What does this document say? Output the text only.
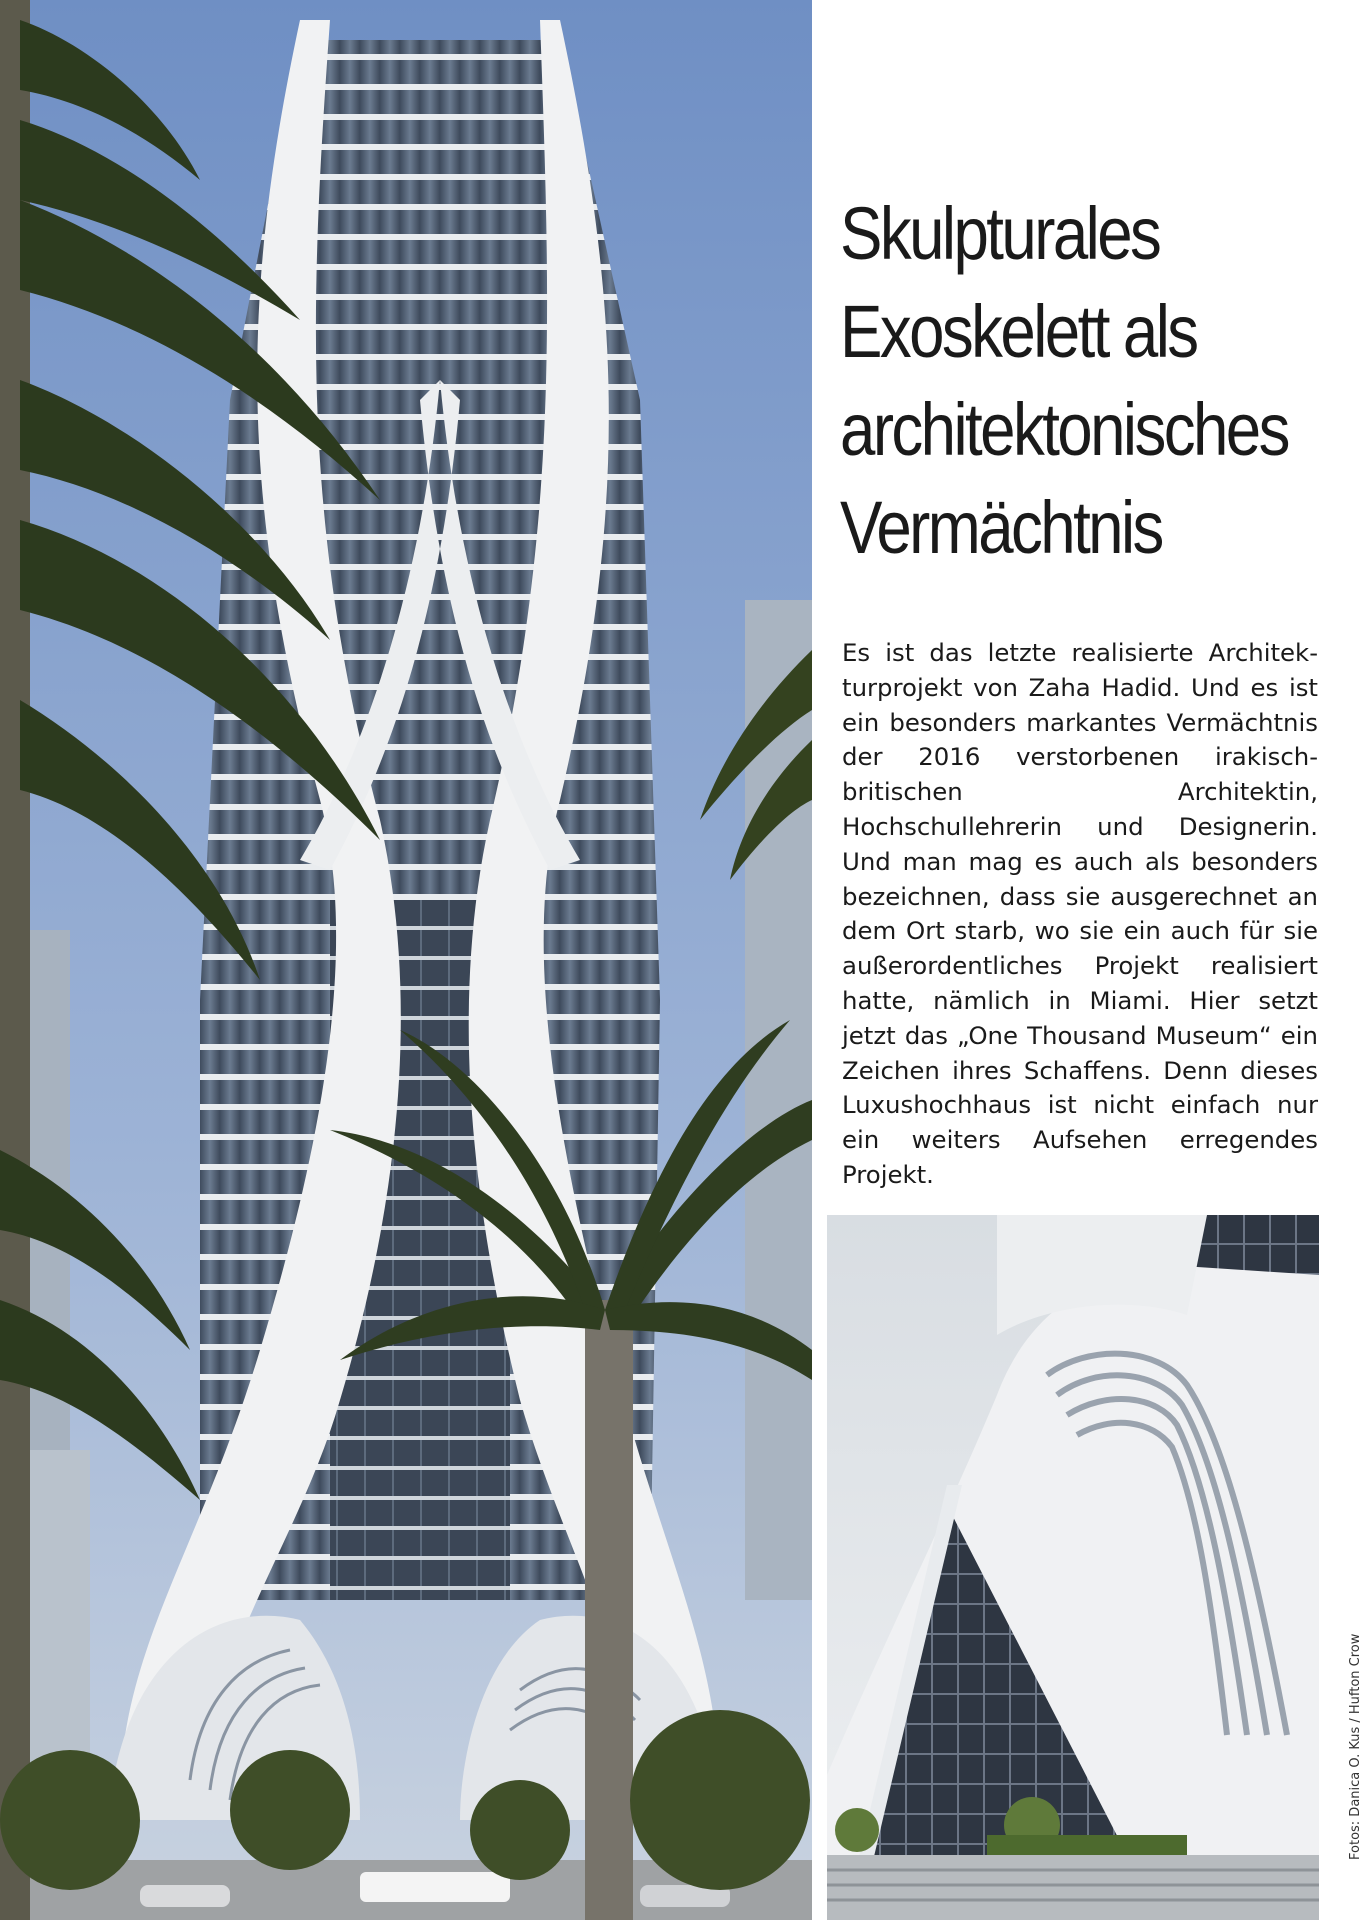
Skulpturales
Exoskelett als
architektonisches
Vermächtnis

Es ist das letzte realisierte Architekturprojekt von Zaha Hadid. Und es ist ein besonders markantes Vermächtnis der 2016 verstorbenen irakisch-britischen Architektin, Hochschullehrerin und Designerin. Und man mag es auch als besonders bezeichnen, dass sie ausgerechnet an dem Ort starb, wo sie ein auch für sie außerordentliches Projekt realisiert hatte, nämlich in Miami. Hier setzt jetzt das „One Thousand Museum“ ein Zeichen ihres Schaffens. Denn dieses Luxushochhaus ist nicht einfach nur ein weiters Aufsehen erregendes Projekt.

Fotos: Danica O. Kus / Hufton Crow
